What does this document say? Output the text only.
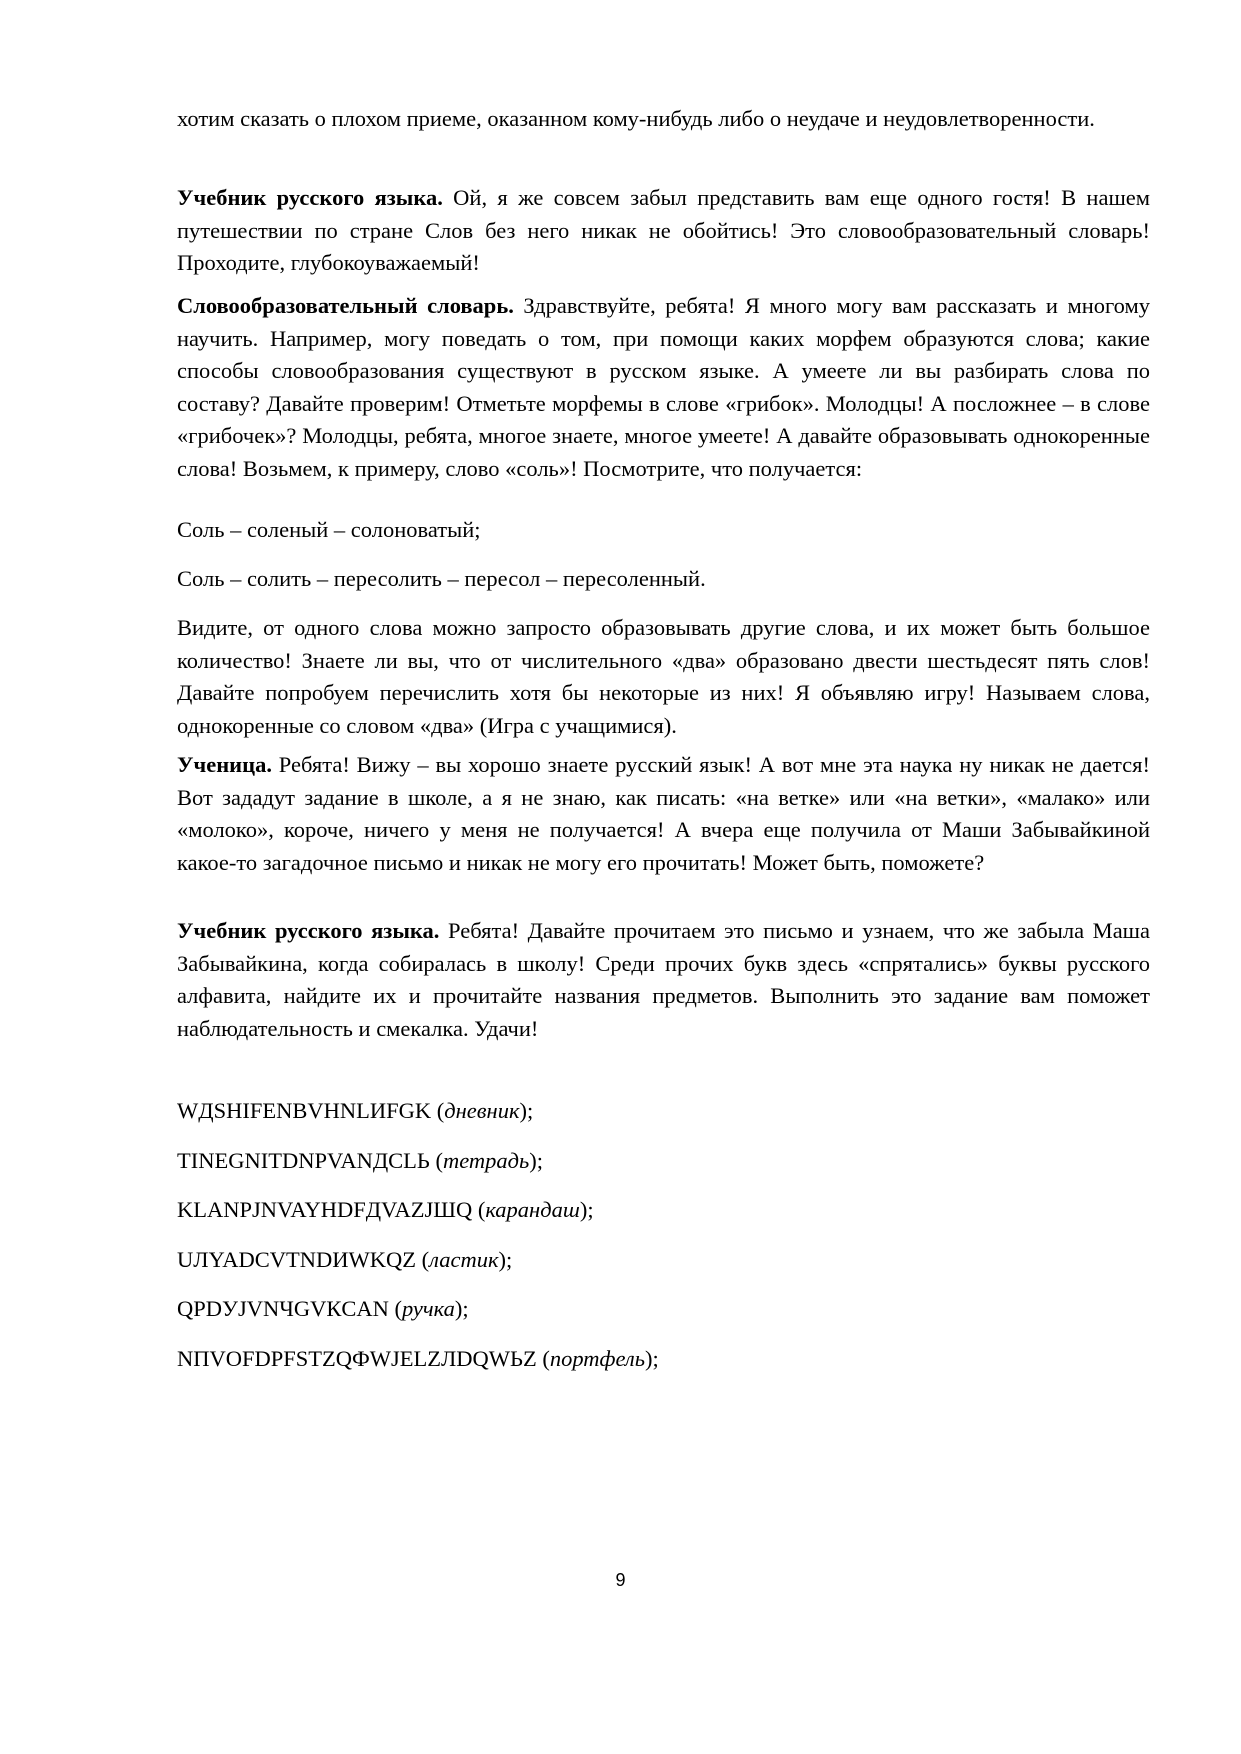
хотим сказать о плохом приеме, оказанном кому-нибудь либо о неудаче и неудовлетворенности.

Учебник русского языка. Ой, я же совсем забыл представить вам еще одного гостя! В нашем путешествии по стране Слов без него никак не обойтись! Это словообразовательный словарь! Проходите, глубокоуважаемый!

Словообразовательный словарь. Здравствуйте, ребята! Я много могу вам рассказать и многому научить. Например, могу поведать о том, при помощи каких морфем образуются слова; какие способы словообразования существуют в русском языке. А умеете ли вы разбирать слова по составу? Давайте проверим! Отметьте морфемы в слове «грибок». Молодцы! А посложнее – в слове «грибочек»? Молодцы, ребята, многое знаете, многое умеете! А давайте образовывать однокоренные слова! Возьмем, к примеру, слово «соль»! Посмотрите, что получается:

Соль – соленый – солоноватый;

Соль – солить – пересолить – пересол – пересоленный.

Видите, от одного слова можно запросто образовывать другие слова, и их может быть большое количество! Знаете ли вы, что от числительного «два» образовано двести шестьдесят пять слов! Давайте попробуем перечислить хотя бы некоторые из них! Я объявляю игру! Называем слова, однокоренные со словом «два» (Игра с учащимися).

Ученица. Ребята! Вижу – вы хорошо знаете русский язык! А вот мне эта наука ну никак не дается! Вот зададут задание в школе, а я не знаю, как писать: «на ветке» или «на ветки», «малако» или «молоко», короче, ничего у меня не получается! А вчера еще получила от Маши Забывайкиной какое-то загадочное письмо и никак не могу его прочитать! Может быть, поможете?

Учебник русского языка. Ребята! Давайте прочитаем это письмо и узнаем, что же забыла Маша Забывайкина, когда собиралась в школу! Среди прочих букв здесь «спрятались» буквы русского алфавита, найдите их и прочитайте названия предметов. Выполнить это задание вам поможет наблюдательность и смекалка. Удачи!

WДSHIFENBVHNLИFGK (дневник);

TINEGNITDNPVANДCLЬ (тетрадь);

KLANPJNVAYHDFДVAZJШQ (карандаш);

UЛYADCVTNDИWKQZ (ластик);

QPDУJVNЧGVКCAN (ручка);

NПVOFDPFSTZQФWJELZЛDQWЬZ (портфель);

9
